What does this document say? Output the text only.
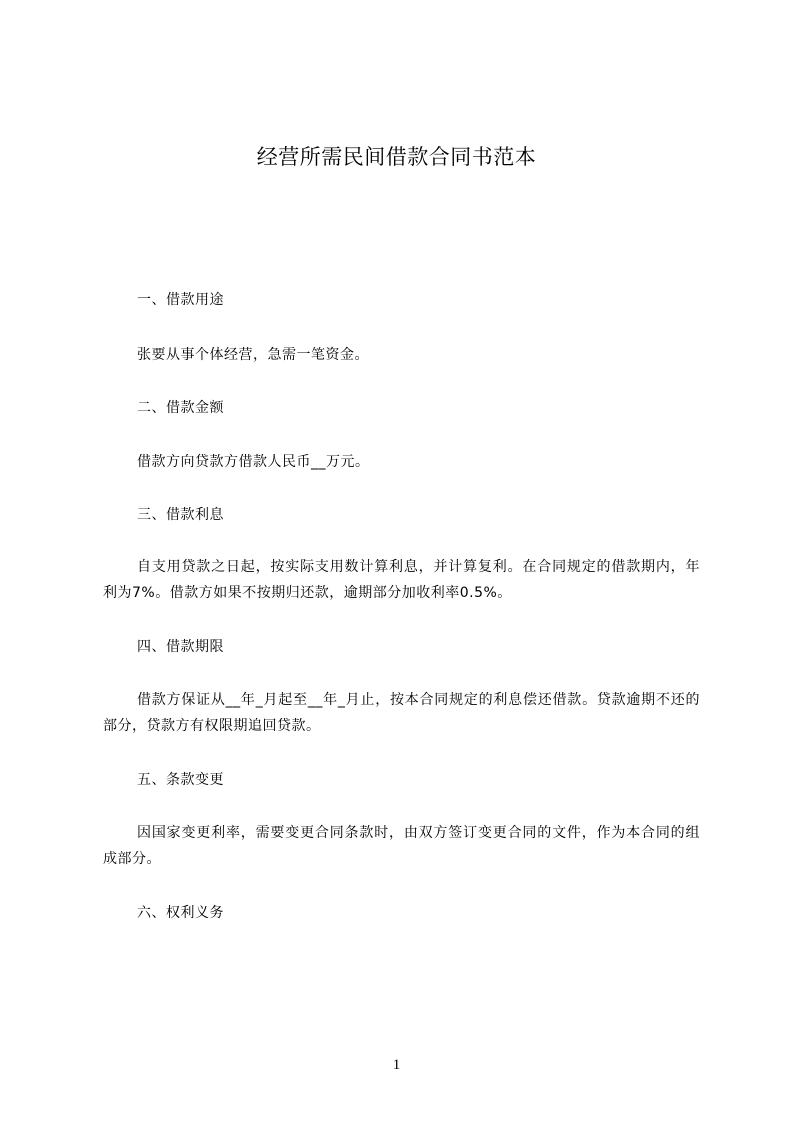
经营所需民间借款合同书范本
一、借款用途
张要从事个体经营，急需一笔资金。
二、借款金额
借款方向贷款方借款人民币__万元。
三、借款利息
自支用贷款之日起，按实际支用数计算利息，并计算复利。在合同规定的借款期内，年利为7%。借款方如果不按期归还款，逾期部分加收利率0.5%。
四、借款期限
借款方保证从__年_月起至__年_月止，按本合同规定的利息偿还借款。贷款逾期不还的部分，贷款方有权限期追回贷款。
五、条款变更
因国家变更利率，需要变更合同条款时，由双方签订变更合同的文件，作为本合同的组成部分。
六、权利义务
1
